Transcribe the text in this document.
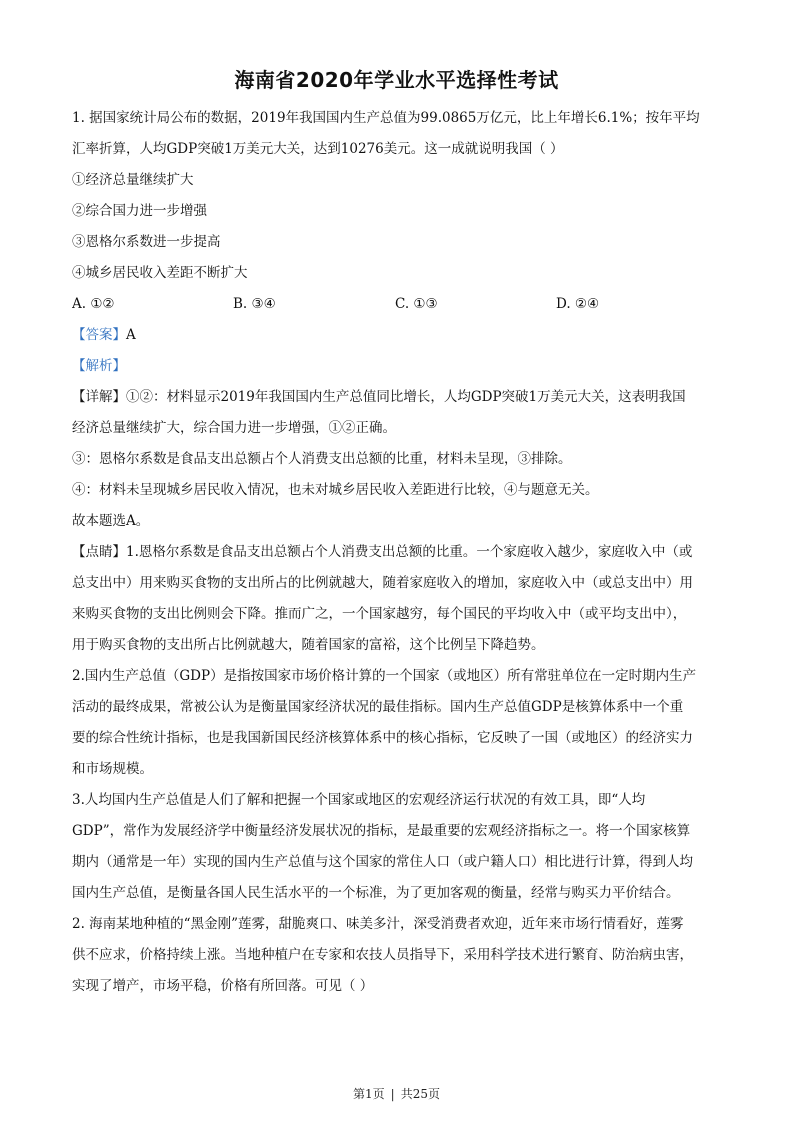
海南省2020年学业水平选择性考试
1. 据国家统计局公布的数据，2019年我国国内生产总值为99.0865万亿元，比上年增长6.1%；按年平均
汇率折算，人均GDP突破1万美元大关，达到10276美元。这一成就说明我国（ ）
①经济总量继续扩大
②综合国力进一步增强
③恩格尔系数进一步提高
④城乡居民收入差距不断扩大
A. ①②	B. ③④	C. ①③	D. ②④
【答案】A
【解析】
【详解】①②：材料显示2019年我国国内生产总值同比增长，人均GDP突破1万美元大关，这表明我国
经济总量继续扩大，综合国力进一步增强，①②正确。
③：恩格尔系数是食品支出总额占个人消费支出总额的比重，材料未呈现，③排除。
④：材料未呈现城乡居民收入情况，也未对城乡居民收入差距进行比较，④与题意无关。
故本题选A。
【点睛】1.恩格尔系数是食品支出总额占个人消费支出总额的比重。一个家庭收入越少，家庭收入中（或
总支出中）用来购买食物的支出所占的比例就越大，随着家庭收入的增加，家庭收入中（或总支出中）用
来购买食物的支出比例则会下降。推而广之，一个国家越穷，每个国民的平均收入中（或平均支出中），
用于购买食物的支出所占比例就越大，随着国家的富裕，这个比例呈下降趋势。
2.国内生产总值（GDP）是指按国家市场价格计算的一个国家（或地区）所有常驻单位在一定时期内生产
活动的最终成果，常被公认为是衡量国家经济状况的最佳指标。国内生产总值GDP是核算体系中一个重
要的综合性统计指标，也是我国新国民经济核算体系中的核心指标，它反映了一国（或地区）的经济实力
和市场规模。
3.人均国内生产总值是人们了解和把握一个国家或地区的宏观经济运行状况的有效工具，即“人均
GDP”，常作为发展经济学中衡量经济发展状况的指标，是最重要的宏观经济指标之一。将一个国家核算
期内（通常是一年）实现的国内生产总值与这个国家的常住人口（或户籍人口）相比进行计算，得到人均
国内生产总值，是衡量各国人民生活水平的一个标准，为了更加客观的衡量，经常与购买力平价结合。
2. 海南某地种植的“黑金刚”莲雾，甜脆爽口、味美多汁，深受消费者欢迎，近年来市场行情看好，莲雾
供不应求，价格持续上涨。当地种植户在专家和农技人员指导下，采用科学技术进行繁育、防治病虫害，
实现了增产，市场平稳，价格有所回落。可见（ ）
第1页 | 共25页
